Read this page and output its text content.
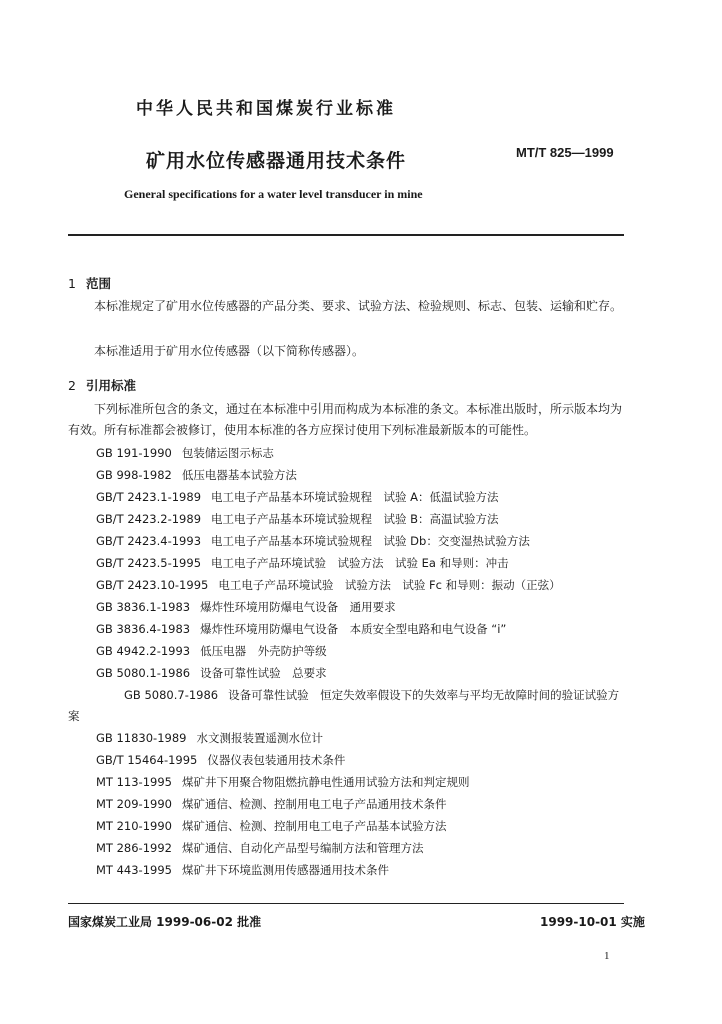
中华人民共和国煤炭行业标准
矿用水位传感器通用技术条件	MT/T 825—1999
General specifications for a water level transducer in mine
1 范围
本标准规定了矿用水位传感器的产品分类、要求、试验方法、检验规则、标志、包装、运输和贮存。
本标准适用于矿用水位传感器（以下简称传感器）。
2 引用标准
下列标准所包含的条文，通过在本标准中引用而构成为本标准的条文。本标准出版时，所示版本均为有效。所有标准都会被修订，使用本标准的各方应探讨使用下列标准最新版本的可能性。
GB 191-1990 包装储运图示标志
GB 998-1982 低压电器基本试验方法
GB/T 2423.1-1989 电工电子产品基本环境试验规程　试验 A：低温试验方法
GB/T 2423.2-1989 电工电子产品基本环境试验规程　试验 B：高温试验方法
GB/T 2423.4-1993 电工电子产品基本环境试验规程　试验 Db：交变湿热试验方法
GB/T 2423.5-1995 电工电子产品环境试验　试验方法　试验 Ea 和导则：冲击
GB/T 2423.10-1995 电工电子产品环境试验　试验方法　试验 Fc 和导则：振动（正弦）
GB 3836.1-1983 爆炸性环境用防爆电气设备　通用要求
GB 3836.4-1983 爆炸性环境用防爆电气设备　本质安全型电路和电气设备 “i”
GB 4942.2-1993 低压电器　外壳防护等级
GB 5080.1-1986 设备可靠性试验　总要求
GB 5080.7-1986 设备可靠性试验　恒定失效率假设下的失效率与平均无故障时间的验证试验方案
GB 11830-1989 水文测报装置遥测水位计
GB/T 15464-1995 仪器仪表包装通用技术条件
MT 113-1995 煤矿井下用聚合物阻燃抗静电性通用试验方法和判定规则
MT 209-1990 煤矿通信、检测、控制用电工电子产品通用技术条件
MT 210-1990 煤矿通信、检测、控制用电工电子产品基本试验方法
MT 286-1992 煤矿通信、自动化产品型号编制方法和管理方法
MT 443-1995 煤矿井下环境监测用传感器通用技术条件
国家煤炭工业局 1999-06-02 批准	1999-10-01 实施
1
